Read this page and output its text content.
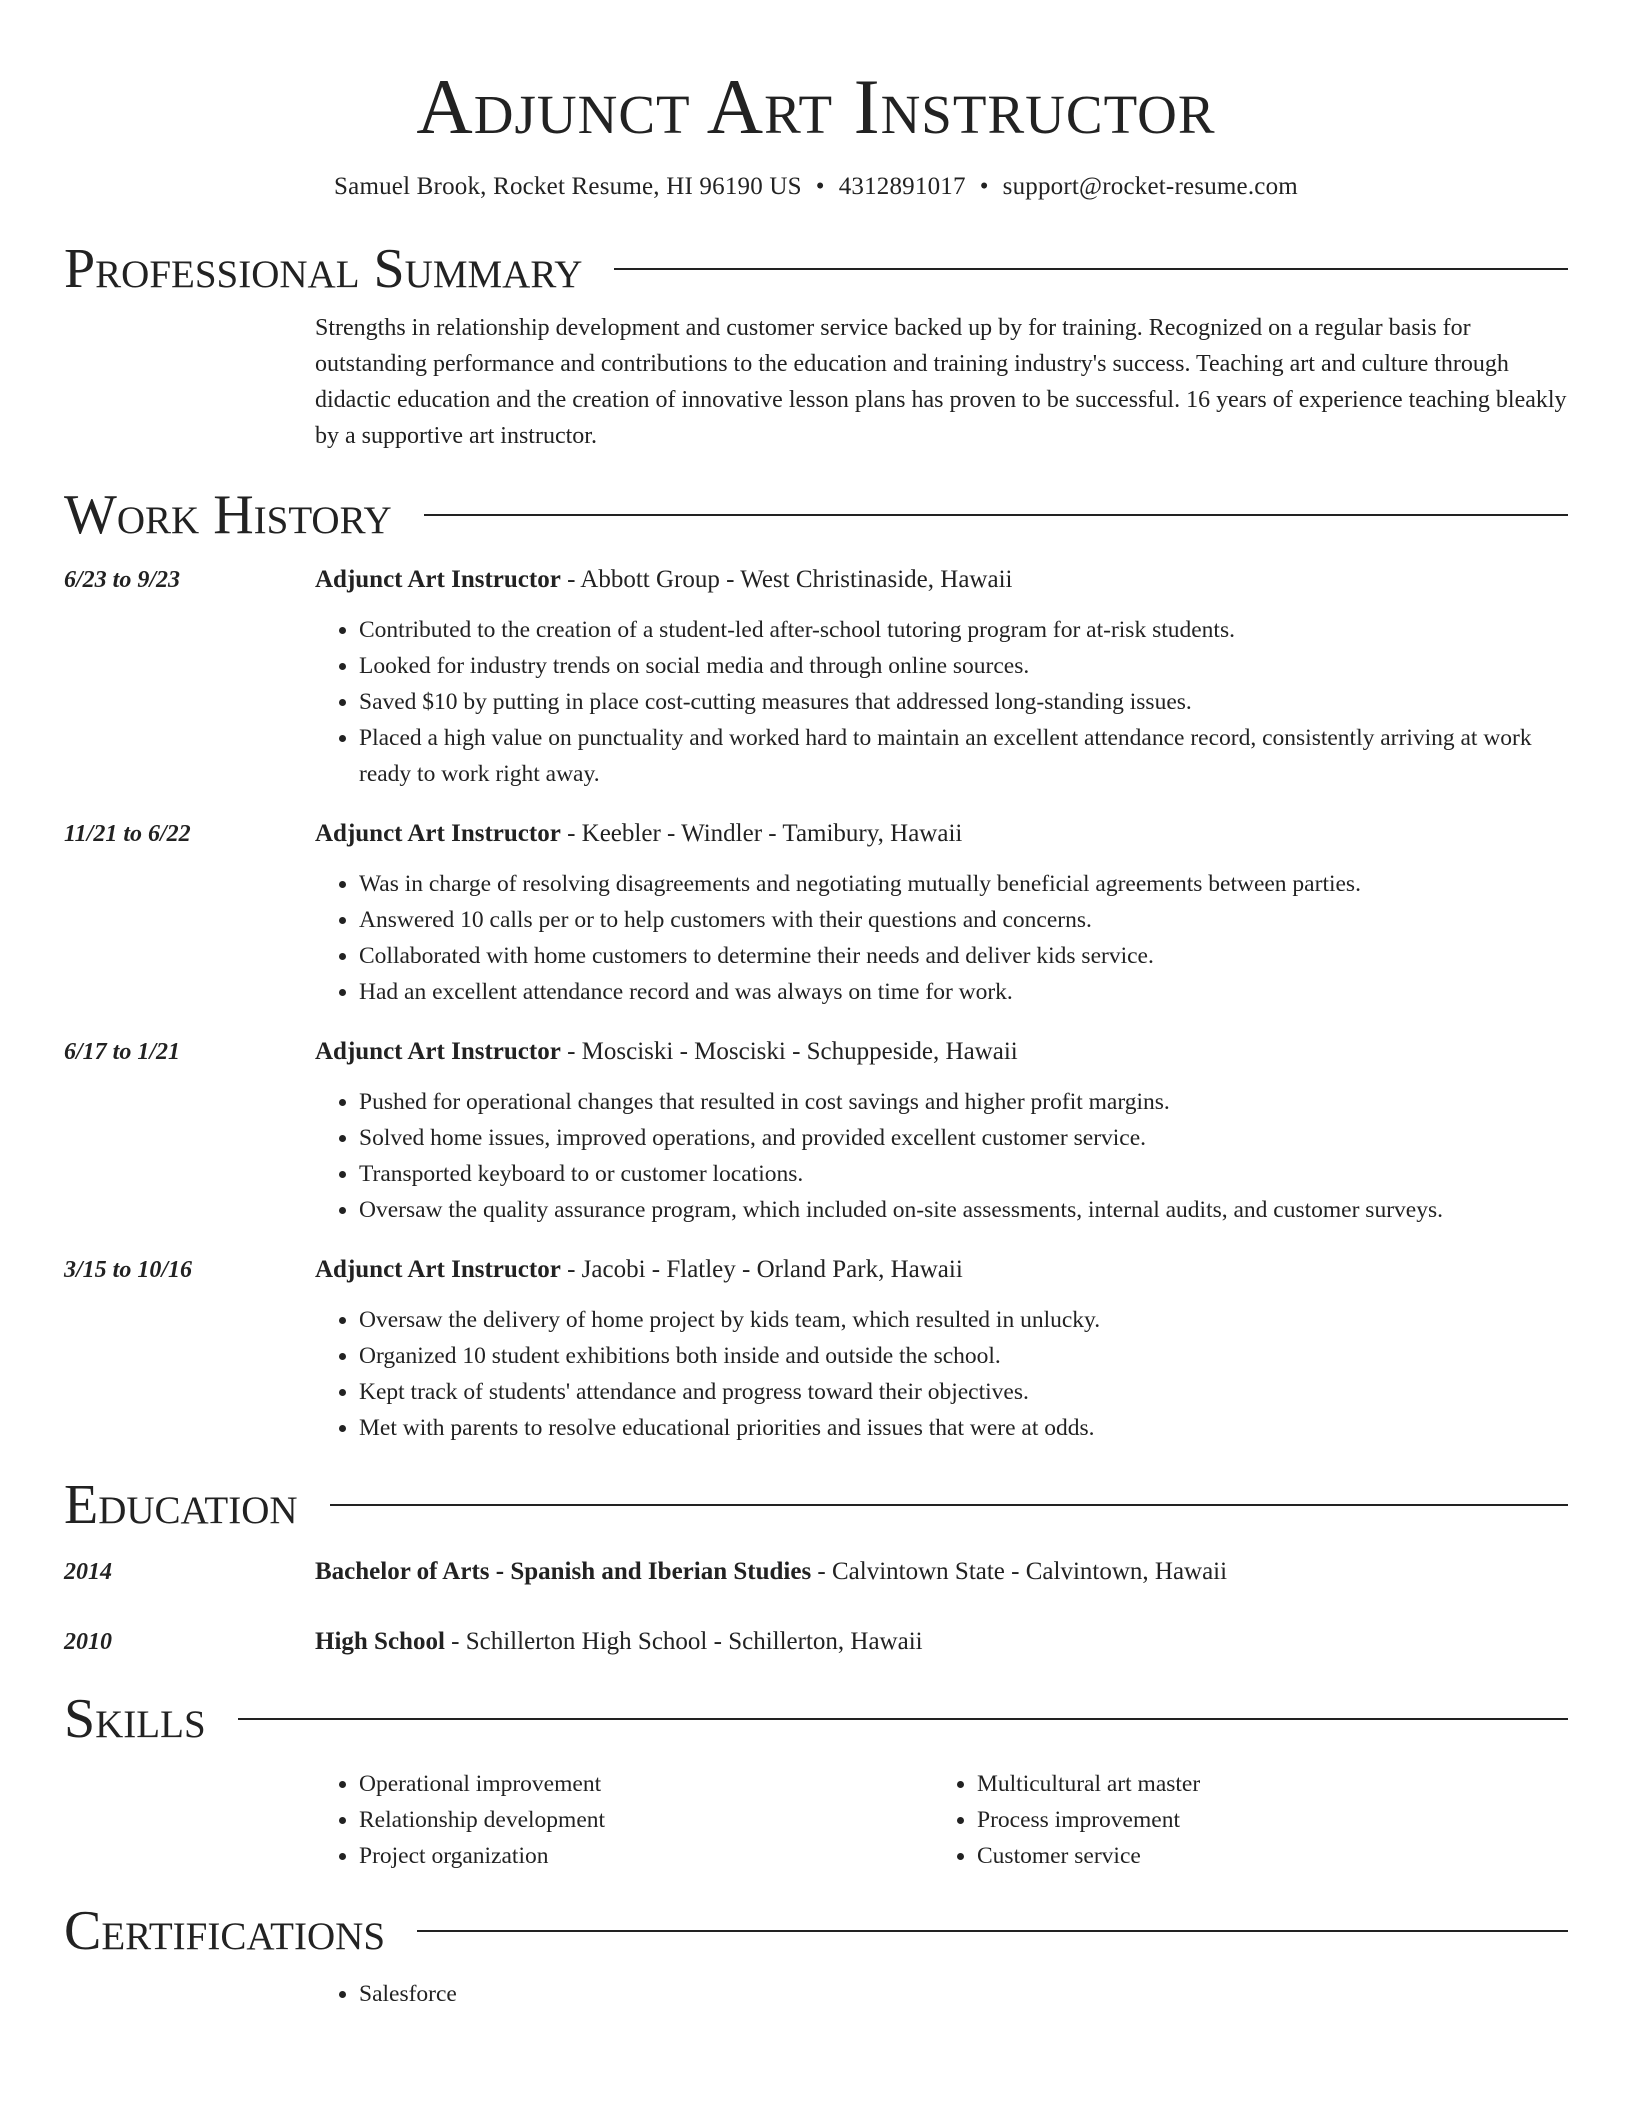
Adjunct Art Instructor
Samuel Brook, Rocket Resume, HI 96190 US • 4312891017 • support@rocket-resume.com
Professional Summary
Strengths in relationship development and customer service backed up by for training. Recognized on a regular basis for outstanding performance and contributions to the education and training industry's success. Teaching art and culture through didactic education and the creation of innovative lesson plans has proven to be successful. 16 years of experience teaching bleakly by a supportive art instructor.
Work History
6/23 to 9/23	Adjunct Art Instructor - Abbott Group - West Christinaside, Hawaii
• Contributed to the creation of a student-led after-school tutoring program for at-risk students.
• Looked for industry trends on social media and through online sources.
• Saved $10 by putting in place cost-cutting measures that addressed long-standing issues.
• Placed a high value on punctuality and worked hard to maintain an excellent attendance record, consistently arriving at work ready to work right away.
11/21 to 6/22	Adjunct Art Instructor - Keebler - Windler - Tamibury, Hawaii
• Was in charge of resolving disagreements and negotiating mutually beneficial agreements between parties.
• Answered 10 calls per or to help customers with their questions and concerns.
• Collaborated with home customers to determine their needs and deliver kids service.
• Had an excellent attendance record and was always on time for work.
6/17 to 1/21	Adjunct Art Instructor - Mosciski - Mosciski - Schuppeside, Hawaii
• Pushed for operational changes that resulted in cost savings and higher profit margins.
• Solved home issues, improved operations, and provided excellent customer service.
• Transported keyboard to or customer locations.
• Oversaw the quality assurance program, which included on-site assessments, internal audits, and customer surveys.
3/15 to 10/16	Adjunct Art Instructor - Jacobi - Flatley - Orland Park, Hawaii
• Oversaw the delivery of home project by kids team, which resulted in unlucky.
• Organized 10 student exhibitions both inside and outside the school.
• Kept track of students' attendance and progress toward their objectives.
• Met with parents to resolve educational priorities and issues that were at odds.
Education
2014	Bachelor of Arts - Spanish and Iberian Studies - Calvintown State - Calvintown, Hawaii
2010	High School - Schillerton High School - Schillerton, Hawaii
Skills
• Operational improvement
• Relationship development
• Project organization
• Multicultural art master
• Process improvement
• Customer service
Certifications
• Salesforce
